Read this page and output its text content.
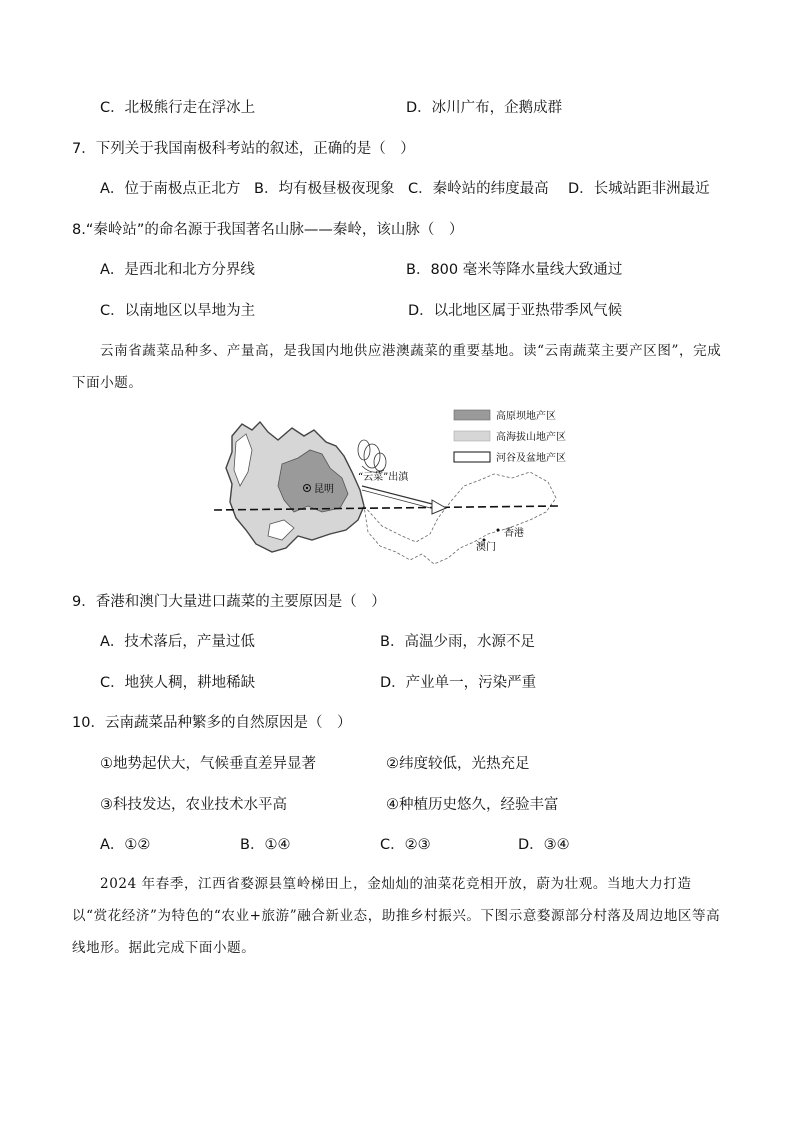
C．北极熊行走在浮冰上	D．冰川广布，企鹅成群
7．下列关于我国南极科考站的叙述，正确的是（　）
A．位于南极点正北方 B．均有极昼极夜现象 C．秦岭站的纬度最高 D．长城站距非洲最近
8.“秦岭站”的命名源于我国著名山脉——秦岭，该山脉（　）
A．是西北和北方分界线	B．800 毫米等降水量线大致通过
C．以南地区以旱地为主	D．以北地区属于亚热带季风气候
云南省蔬菜品种多、产量高，是我国内地供应港澳蔬菜的重要基地。读“云南蔬菜主要产区图”，完成下面小题。
昆明
“云菜”出滇
香港
澳门
高原坝地产区
高海拔山地产区
河谷及盆地产区
9．香港和澳门大量进口蔬菜的主要原因是（　）
A．技术落后，产量过低	B．高温少雨，水源不足
C．地狭人稠，耕地稀缺	D．产业单一，污染严重
10．云南蔬菜品种繁多的自然原因是（　）
①地势起伏大，气候垂直差异显著	②纬度较低，光热充足
③科技发达，农业技术水平高	④种植历史悠久，经验丰富
A．①②	B．①④	C．②③	D．③④
2024 年春季，江西省婺源县篁岭梯田上，金灿灿的油菜花竞相开放，蔚为壮观。当地大力打造以“赏花经济”为特色的“农业+旅游”融合新业态，助推乡村振兴。下图示意婺源部分村落及周边地区等高线地形。据此完成下面小题。
